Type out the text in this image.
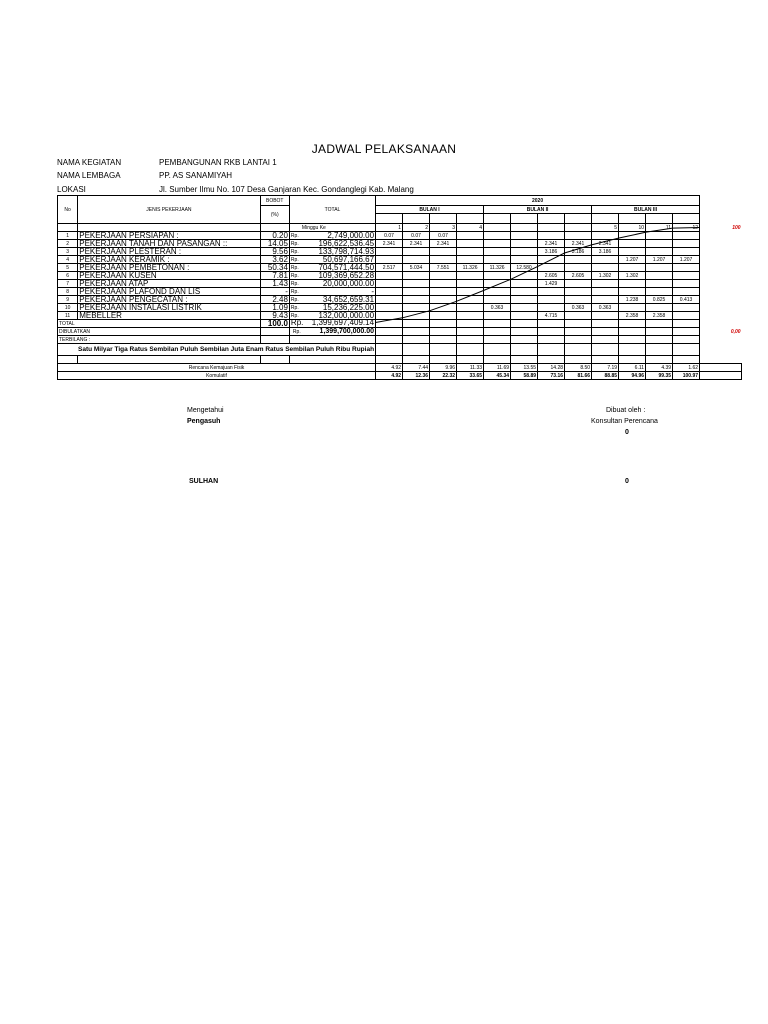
JADWAL PELAKSANAAN
NAMA KEGIATAN	PEMBANGUNAN RKB LANTAI 1
NAMA LEMBAGA	PP. AS SANAMIYAH
LOKASI	Jl. Sumber Ilmu No. 107 Desa Ganjaran Kec. Gondanglegi Kab. Malang
No	JENIS PEKERJAAN	BOBOT	TOTAL	2020												
		(%)		BULAN I				BULAN II				BULAN III				

			Minggu Ke	1	2	3	4					5	10	11	12	100
1	PEKERJAAN PERSIAPAN :	0.20	Rp. 2,749,000.00	0.07	0.07	0.07										
2	PEKERJAAN TANAH DAN PASANGAN ::	14.05	Rp. 196,622,536.45	2.341	2.341	2.341				2.341	2.341	2.341				
3	PEKERJAAN PLESTERAN :	9.56	Rp. 133,798,714.93							3.186	3.186	3.186				
4	PEKERJAAN KERAMIK :	3.62	Rp. 50,697,166.67										1.207	1.207	1.207	
5	PEKERJAAN PEMBETONAN :	50.34	Rp. 704,571,444.50	2.517	5.034	7.551	11.326	11.326	12.580							
6	PEKERJAAN KUSEN	7.81	Rp. 109,369,652.28							2.605	2.605	1.302	1.302			
7	PEKERJAAN ATAP	1.43	Rp. 20,000,000.00							1.429						
8	PEKERJAAN PLAFOND DAN LIS	-	Rp. -													

9	PEKERJAAN PENGECATAN :	2.48	Rp. 34,652,659.31										1.238	0.825	0.413	
10	PEKERJAAN INSTALASI LISTRIK	1.09	Rp. 15,236,225.00					0.363			0.363	0.363				
11	MEBELLER	9.43	Rp. 132,000,000.00							4.715			2.358	2.358		
TOTAL		100.0	Rp. 1,399,697,409.14													

DIBULATKAN			Rp. 1,399,700,000.00													0,00
TERBILANG :																
Satu Milyar Tiga Ratus Sembilan Puluh Sembilan Juta Enam Ratus Sembilan Puluh Ribu Rupiah																

Rencana Kemajuan Fisik				4.92	7.44	9.96	11.33	11.69	13.55	14.28	8.50	7.19	6.11	4.39	1.62	
Komulatif				4.92	12.36	22.32	33.65	45.34	58.89	73.16	81.66	88.85	94.96	99.35	100.97	
Mengetahui
Pengasuh
SULHAN
Dibuat oleh :
Konsultan Perencana
0
0
